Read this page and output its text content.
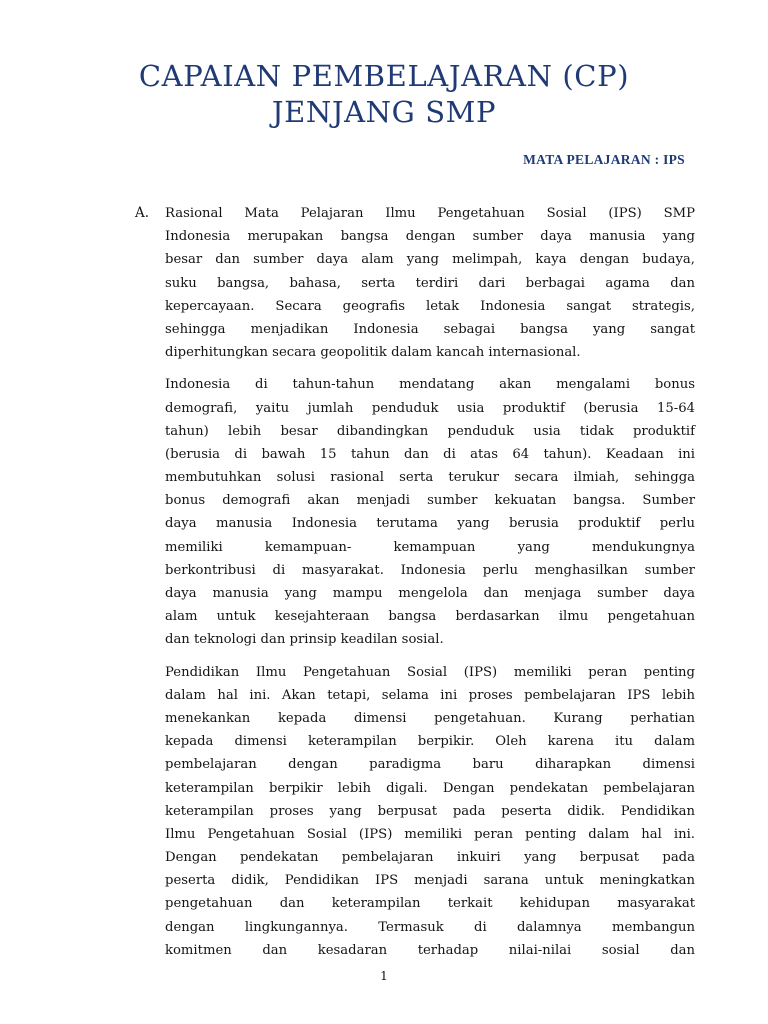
CAPAIAN PEMBELAJARAN (CP)
JENJANG SMP
MATA PELAJARAN : IPS
A. Rasional Mata Pelajaran Ilmu Pengetahuan Sosial (IPS) SMP
Indonesia merupakan bangsa dengan sumber daya manusia yang
besar dan sumber daya alam yang melimpah, kaya dengan budaya,
suku bangsa, bahasa, serta terdiri dari berbagai agama dan
kepercayaan. Secara geografis letak Indonesia sangat strategis,
sehingga menjadikan Indonesia sebagai bangsa yang sangat
diperhitungkan secara geopolitik dalam kancah internasional.
Indonesia di tahun-tahun mendatang akan mengalami bonus
demografi, yaitu jumlah penduduk usia produktif (berusia 15-64
tahun) lebih besar dibandingkan penduduk usia tidak produktif
(berusia di bawah 15 tahun dan di atas 64 tahun). Keadaan ini
membutuhkan solusi rasional serta terukur secara ilmiah, sehingga
bonus demografi akan menjadi sumber kekuatan bangsa. Sumber
daya manusia Indonesia terutama yang berusia produktif perlu
memiliki kemampuan- kemampuan yang mendukungnya
berkontribusi di masyarakat. Indonesia perlu menghasilkan sumber
daya manusia yang mampu mengelola dan menjaga sumber daya
alam untuk kesejahteraan bangsa berdasarkan ilmu pengetahuan
dan teknologi dan prinsip keadilan sosial.
Pendidikan Ilmu Pengetahuan Sosial (IPS) memiliki peran penting
dalam hal ini. Akan tetapi, selama ini proses pembelajaran IPS lebih
menekankan kepada dimensi pengetahuan. Kurang perhatian
kepada dimensi keterampilan berpikir. Oleh karena itu dalam
pembelajaran dengan paradigma baru diharapkan dimensi
keterampilan berpikir lebih digali. Dengan pendekatan pembelajaran
keterampilan proses yang berpusat pada peserta didik. Pendidikan
Ilmu Pengetahuan Sosial (IPS) memiliki peran penting dalam hal ini.
Dengan pendekatan pembelajaran inkuiri yang berpusat pada
peserta didik, Pendidikan IPS menjadi sarana untuk meningkatkan
pengetahuan dan keterampilan terkait kehidupan masyarakat
dengan lingkungannya. Termasuk di dalamnya membangun
komitmen dan kesadaran terhadap nilai-nilai sosial dan
1
